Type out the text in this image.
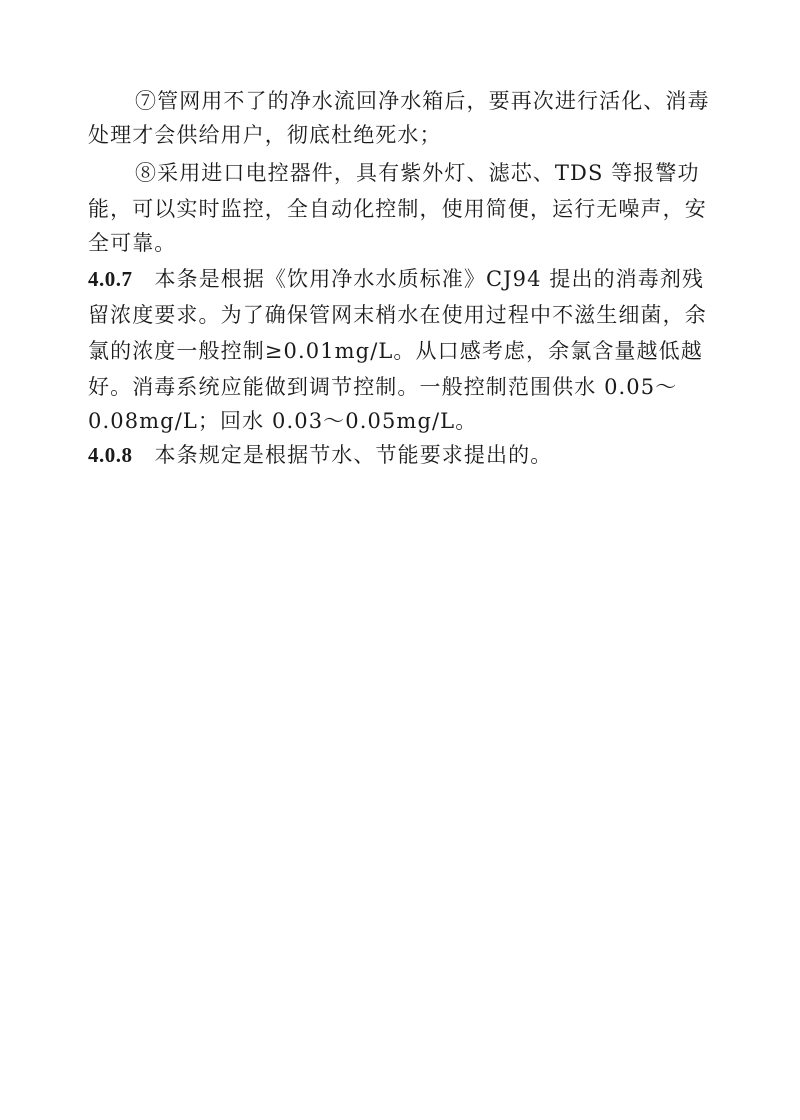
⑦管网用不了的净水流回净水箱后，要再次进行活化、消毒
处理才会供给用户，彻底杜绝死水；
⑧采用进口电控器件，具有紫外灯、滤芯、TDS 等报警功
能，可以实时监控，全自动化控制，使用简便，运行无噪声，安
全可靠。
4.0.7 本条是根据《饮用净水水质标准》CJ94 提出的消毒剂残
留浓度要求。为了确保管网末梢水在使用过程中不滋生细菌，余
氯的浓度一般控制≥0.01mg/L。从口感考虑，余氯含量越低越
好。消毒系统应能做到调节控制。一般控制范围供水 0.05～
0.08mg/L；回水 0.03～0.05mg/L。
4.0.8 本条规定是根据节水、节能要求提出的。
